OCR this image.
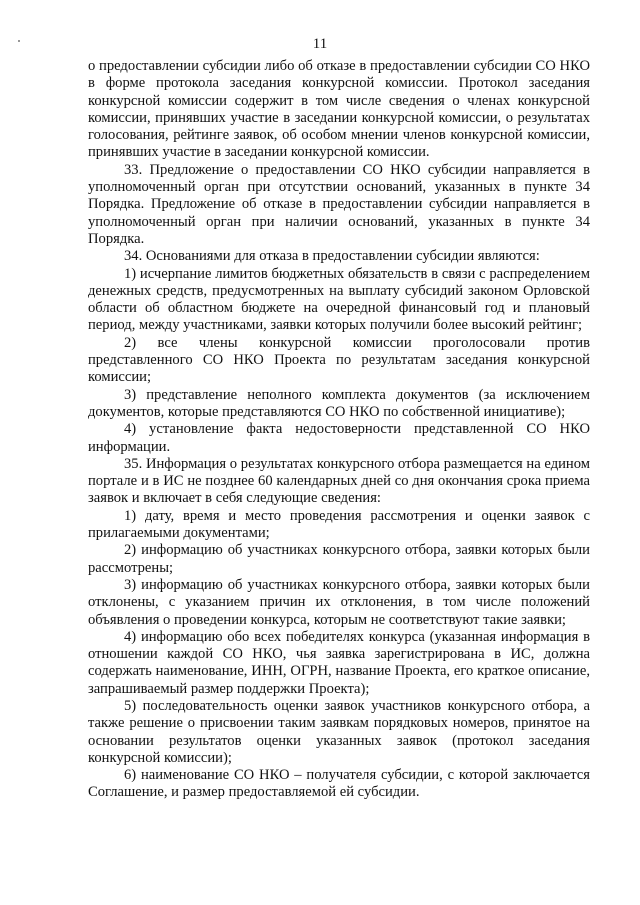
11

о предоставлении субсидии либо об отказе в предоставлении субсидии СО НКО в форме протокола заседания конкурсной комиссии. Протокол заседания конкурсной комиссии содержит в том числе сведения о членах конкурсной комиссии, принявших участие в заседании конкурсной комиссии, о результатах голосования, рейтинге заявок, об особом мнении членов конкурсной комиссии, принявших участие в заседании конкурсной комиссии.

33. Предложение о предоставлении СО НКО субсидии направляется в уполномоченный орган при отсутствии оснований, указанных в пункте 34 Порядка. Предложение об отказе в предоставлении субсидии направляется в уполномоченный орган при наличии оснований, указанных в пункте 34 Порядка.

34. Основаниями для отказа в предоставлении субсидии являются:

1) исчерпание лимитов бюджетных обязательств в связи с распределением денежных средств, предусмотренных на выплату субсидий законом Орловской области об областном бюджете на очередной финансовый год и плановый период, между участниками, заявки которых получили более высокий рейтинг;

2) все члены конкурсной комиссии проголосовали против представленного СО НКО Проекта по результатам заседания конкурсной комиссии;

3) представление неполного комплекта документов (за исключением документов, которые представляются СО НКО по собственной инициативе);

4) установление факта недостоверности представленной СО НКО информации.

35. Информация о результатах конкурсного отбора размещается на едином портале и в ИС не позднее 60 календарных дней со дня окончания срока приема заявок и включает в себя следующие сведения:

1) дату, время и место проведения рассмотрения и оценки заявок с прилагаемыми документами;

2) информацию об участниках конкурсного отбора, заявки которых были рассмотрены;

3) информацию об участниках конкурсного отбора, заявки которых были отклонены, с указанием причин их отклонения, в том числе положений объявления о проведении конкурса, которым не соответствуют такие заявки;

4) информацию обо всех победителях конкурса (указанная информация в отношении каждой СО НКО, чья заявка зарегистрирована в ИС, должна содержать наименование, ИНН, ОГРН, название Проекта, его краткое описание, запрашиваемый размер поддержки Проекта);

5) последовательность оценки заявок участников конкурсного отбора, а также решение о присвоении таким заявкам порядковых номеров, принятое на основании результатов оценки указанных заявок (протокол заседания конкурсной комиссии);

6) наименование СО НКО – получателя субсидии, с которой заключается Соглашение, и размер предоставляемой ей субсидии.
